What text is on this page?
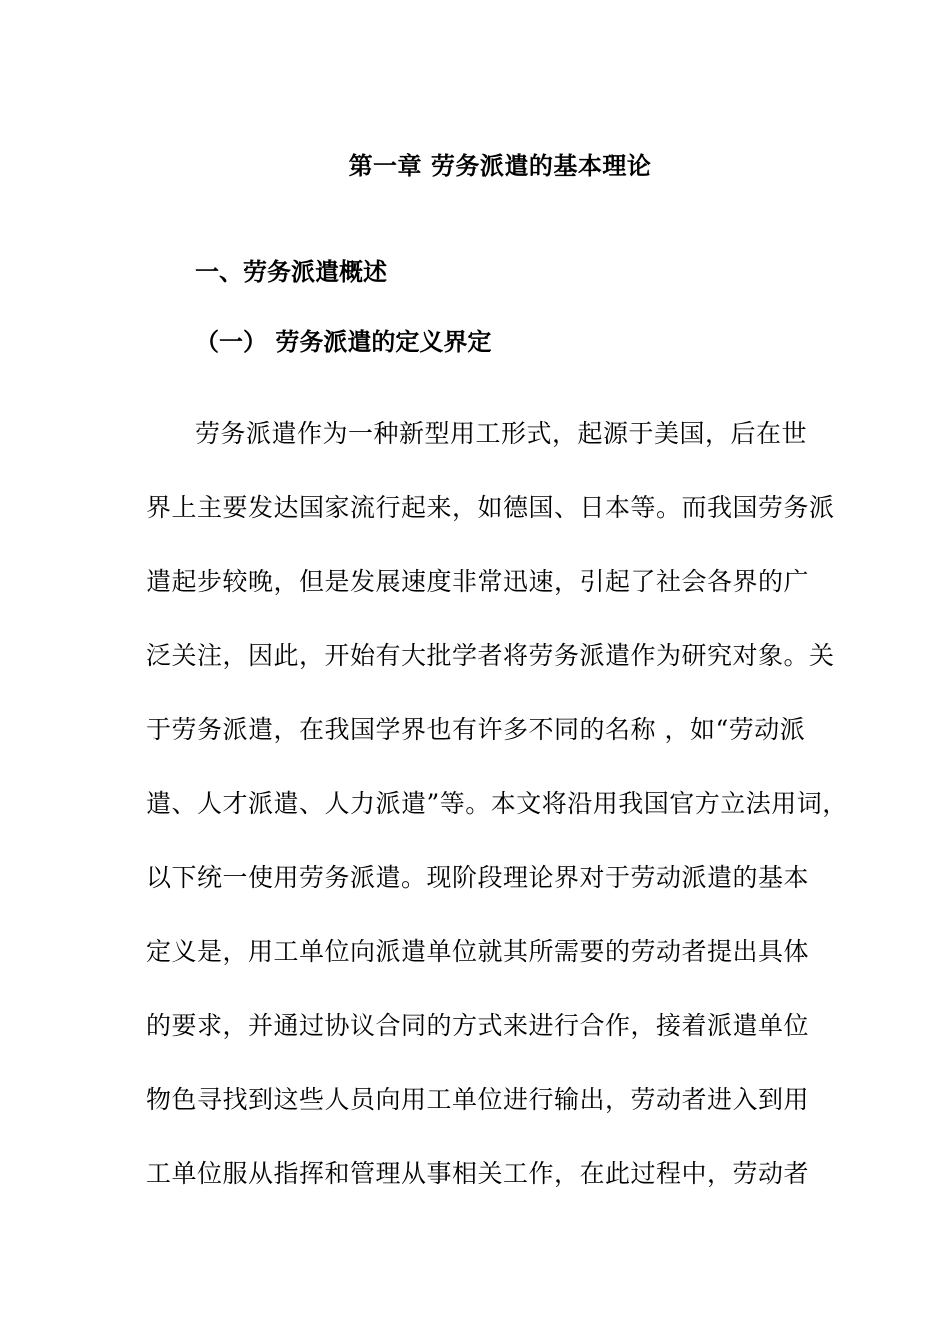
第一章 劳务派遣的基本理论
一、劳务派遣概述
（一） 劳务派遣的定义界定
劳务派遣作为一种新型用工形式，起源于美国，后在世
界上主要发达国家流行起来，如德国、日本等。而我国劳务派
遣起步较晚，但是发展速度非常迅速，引起了社会各界的广
泛关注，因此，开始有大批学者将劳务派遣作为研究对象。关
于劳务派遣，在我国学界也有许多不同的名称 ，如“劳动派
遣、人才派遣、人力派遣”等。本文将沿用我国官方立法用词，
以下统一使用劳务派遣。现阶段理论界对于劳动派遣的基本
定义是，用工单位向派遣单位就其所需要的劳动者提出具体
的要求，并通过协议合同的方式来进行合作，接着派遣单位
物色寻找到这些人员向用工单位进行输出，劳动者进入到用
工单位服从指挥和管理从事相关工作，在此过程中，劳动者
